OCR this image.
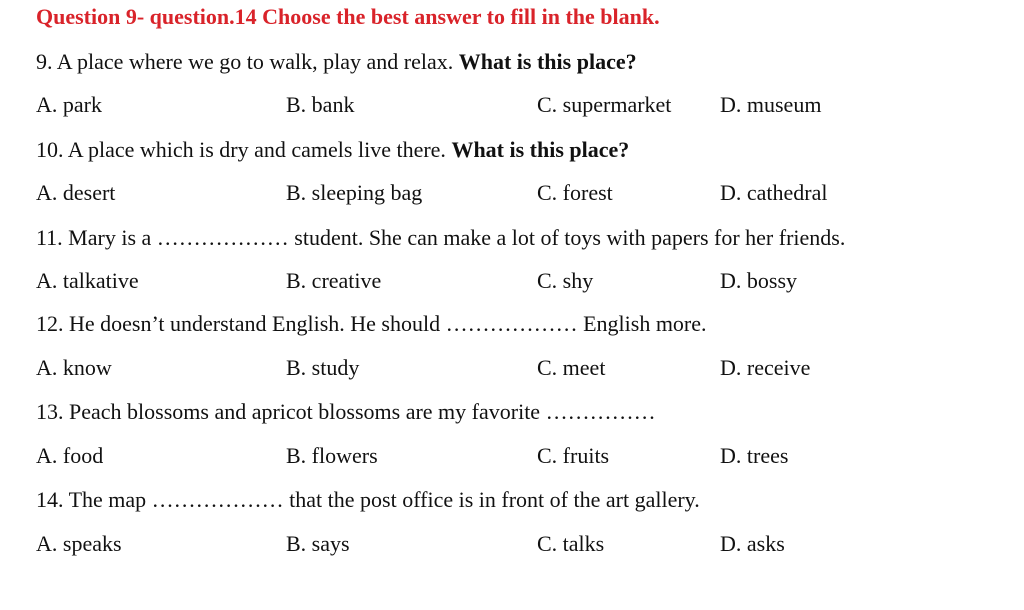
Question 9- question.14 Choose the best answer to fill in the blank.
9. A place where we go to walk, play and relax. What is this place?
A. park	B. bank	C. supermarket D. museum
10. A place which is dry and camels live there. What is this place?
A. desert	B. sleeping bag	C. forest	D. cathedral
11. Mary is a ……………… student. She can make a lot of toys with papers for her friends.
A. talkative	B. creative	C. shy	D. bossy
12. He doesn’t understand English. He should ……………… English more.
A. know	B. study	C. meet	D. receive
13. Peach blossoms and apricot blossoms are my favorite ……………
A. food	B. flowers	C. fruits	D. trees
14. The map ……………… that the post office is in front of the art gallery.
A. speaks	B. says	C. talks	D. asks
